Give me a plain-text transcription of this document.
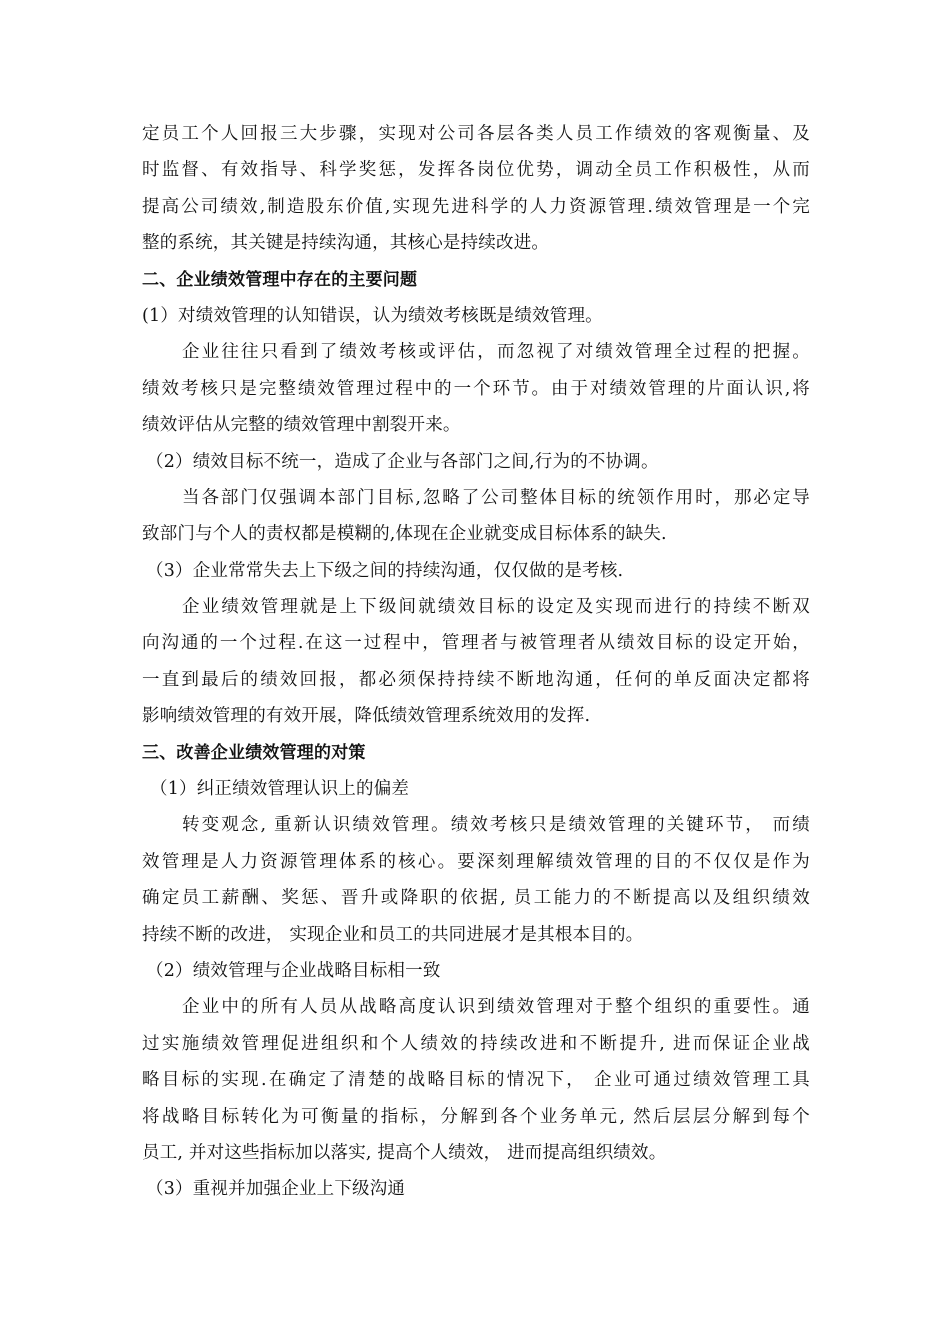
定员工个人回报三大步骤，实现对公司各层各类人员工作绩效的客观衡量、及
时监督、有效指导、科学奖惩，发挥各岗位优势，调动全员工作积极性，从而
提高公司绩效,制造股东价值,实现先进科学的人力资源管理.绩效管理是一个完
整的系统，其关键是持续沟通，其核心是持续改进。
二、企业绩效管理中存在的主要问题
(1）对绩效管理的认知错误，认为绩效考核既是绩效管理。
企业往往只看到了绩效考核或评估，而忽视了对绩效管理全过程的把握。
绩效考核只是完整绩效管理过程中的一个环节。由于对绩效管理的片面认识,将
绩效评估从完整的绩效管理中割裂开来。
（2）绩效目标不统一，造成了企业与各部门之间,行为的不协调。
当各部门仅强调本部门目标,忽略了公司整体目标的统领作用时，那必定导
致部门与个人的责权都是模糊的,体现在企业就变成目标体系的缺失.
（3）企业常常失去上下级之间的持续沟通，仅仅做的是考核.
企业绩效管理就是上下级间就绩效目标的设定及实现而进行的持续不断双
向沟通的一个过程.在这一过程中，管理者与被管理者从绩效目标的设定开始，
一直到最后的绩效回报，都必须保持持续不断地沟通，任何的单反面决定都将
影响绩效管理的有效开展，降低绩效管理系统效用的发挥.
三、改善企业绩效管理的对策
（1）纠正绩效管理认识上的偏差
转变观念, 重新认识绩效管理。绩效考核只是绩效管理的关键环节， 而绩
效管理是人力资源管理体系的核心。要深刻理解绩效管理的目的不仅仅是作为
确定员工薪酬、奖惩、晋升或降职的依据, 员工能力的不断提高以及组织绩效
持续不断的改进， 实现企业和员工的共同进展才是其根本目的。
（2）绩效管理与企业战略目标相一致
企业中的所有人员从战略高度认识到绩效管理对于整个组织的重要性。通
过实施绩效管理促进组织和个人绩效的持续改进和不断提升, 进而保证企业战
略目标的实现.在确定了清楚的战略目标的情况下， 企业可通过绩效管理工具
将战略目标转化为可衡量的指标，分解到各个业务单元, 然后层层分解到每个
员工, 并对这些指标加以落实, 提高个人绩效， 进而提高组织绩效。
（3）重视并加强企业上下级沟通
